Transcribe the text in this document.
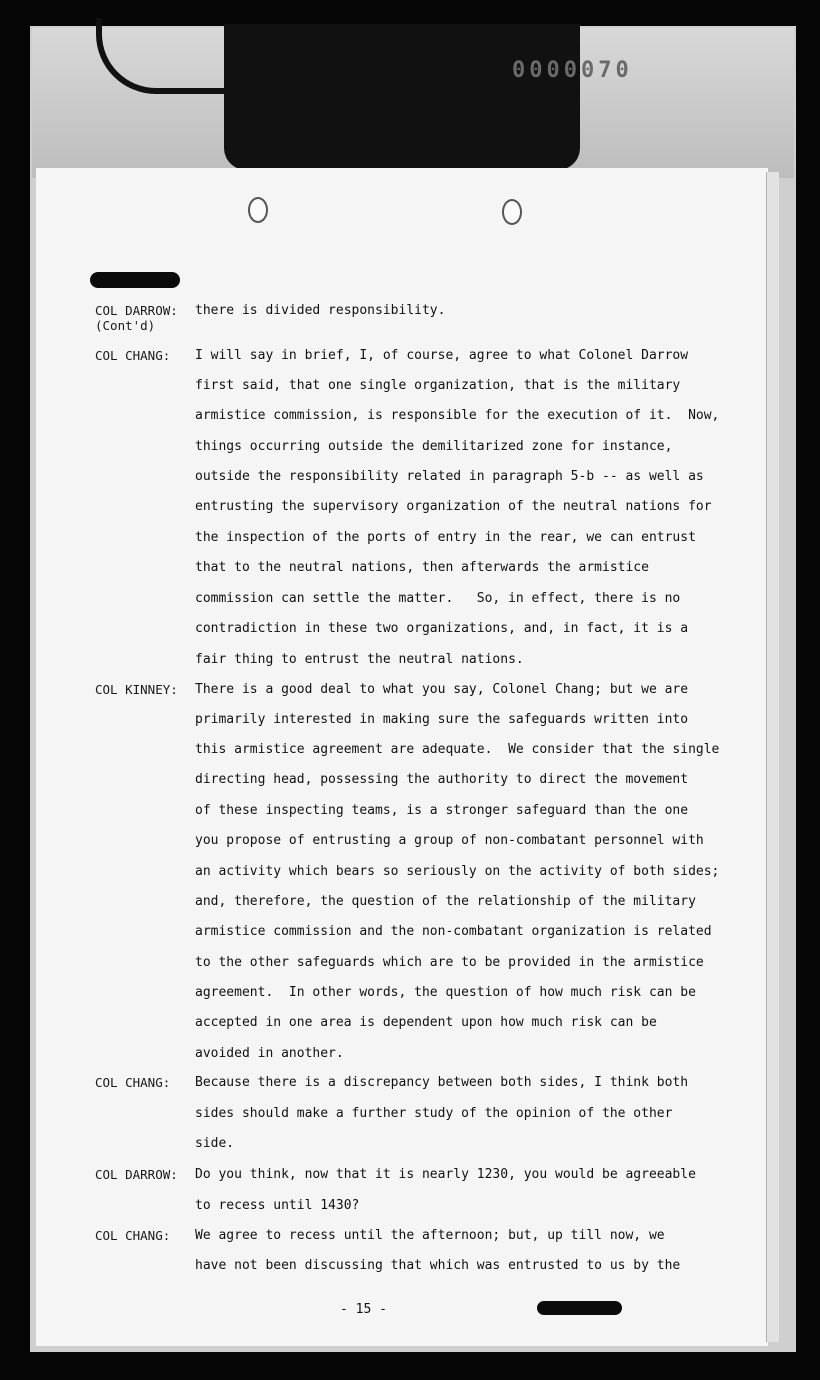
0000070
COL DARROW:
(Cont'd)
there is divided responsibility.
COL CHANG: I will say in brief, I, of course, agree to what Colonel Darrow
first said, that one single organization, that is the military
armistice commission, is responsible for the execution of it.  Now,
things occurring outside the demilitarized zone for instance,
outside the responsibility related in paragraph 5-b -- as well as
entrusting the supervisory organization of the neutral nations for
the inspection of the ports of entry in the rear, we can entrust
that to the neutral nations, then afterwards the armistice
commission can settle the matter.   So, in effect, there is no
contradiction in these two organizations, and, in fact, it is a
fair thing to entrust the neutral nations.
COL KINNEY: There is a good deal to what you say, Colonel Chang; but we are
primarily interested in making sure the safeguards written into
this armistice agreement are adequate.  We consider that the single
directing head, possessing the authority to direct the movement
of these inspecting teams, is a stronger safeguard than the one
you propose of entrusting a group of non-combatant personnel with
an activity which bears so seriously on the activity of both sides;
and, therefore, the question of the relationship of the military
armistice commission and the non-combatant organization is related
to the other safeguards which are to be provided in the armistice
agreement.  In other words, the question of how much risk can be
accepted in one area is dependent upon how much risk can be
avoided in another.
COL CHANG: Because there is a discrepancy between both sides, I think both
sides should make a further study of the opinion of the other
side.
COL DARROW: Do you think, now that it is nearly 1230, you would be agreeable
to recess until 1430?
COL CHANG: We agree to recess until the afternoon; but, up till now, we
have not been discussing that which was entrusted to us by the
- 15 -
